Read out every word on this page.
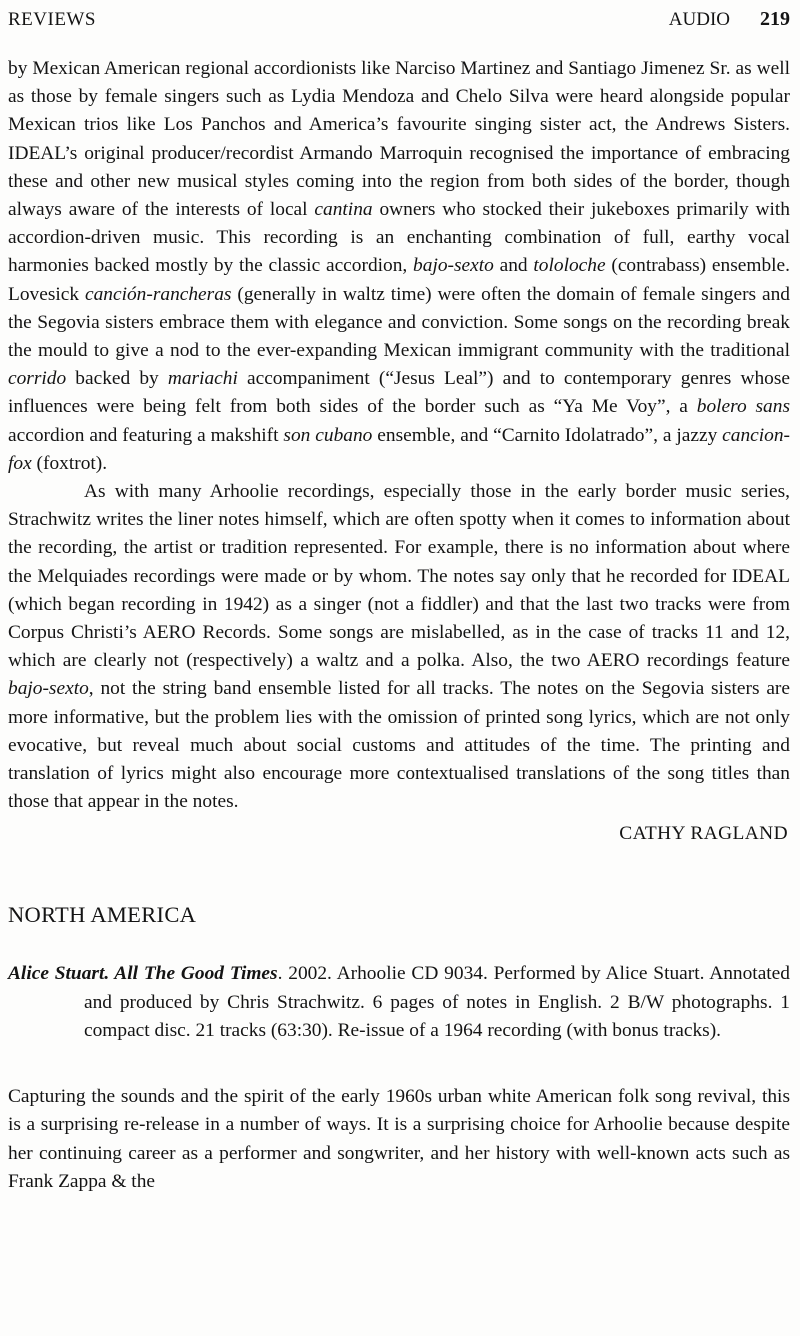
REVIEWS	AUDIO 219

by Mexican American regional accordionists like Narciso Martinez and Santiago Jimenez Sr. as well as those by female singers such as Lydia Mendoza and Chelo Silva were heard alongside popular Mexican trios like Los Panchos and America’s favourite singing sister act, the Andrews Sisters. IDEAL’s original producer/recordist Armando Marroquin recognised the importance of embracing these and other new musical styles coming into the region from both sides of the border, though always aware of the interests of local cantina owners who stocked their jukeboxes primarily with accordion-driven music. This recording is an enchanting combination of full, earthy vocal harmonies backed mostly by the classic accordion, bajo-sexto and tololoche (contrabass) ensemble. Lovesick canción-rancheras (generally in waltz time) were often the domain of female singers and the Segovia sisters embrace them with elegance and conviction. Some songs on the recording break the mould to give a nod to the ever-expanding Mexican immigrant community with the traditional corrido backed by mariachi accompaniment (“Jesus Leal”) and to contemporary genres whose influences were being felt from both sides of the border such as “Ya Me Voy”, a bolero sans accordion and featuring a makshift son cubano ensemble, and “Carnito Idolatrado”, a jazzy cancion-fox (foxtrot).

As with many Arhoolie recordings, especially those in the early border music series, Strachwitz writes the liner notes himself, which are often spotty when it comes to information about the recording, the artist or tradition represented. For example, there is no information about where the Melquiades recordings were made or by whom. The notes say only that he recorded for IDEAL (which began recording in 1942) as a singer (not a fiddler) and that the last two tracks were from Corpus Christi’s AERO Records. Some songs are mislabelled, as in the case of tracks 11 and 12, which are clearly not (respectively) a waltz and a polka. Also, the two AERO recordings feature bajo-sexto, not the string band ensemble listed for all tracks. The notes on the Segovia sisters are more informative, but the problem lies with the omission of printed song lyrics, which are not only evocative, but reveal much about social customs and attitudes of the time. The printing and translation of lyrics might also encourage more contextualised translations of the song titles than those that appear in the notes.

CATHY RAGLAND
NORTH AMERICA

Alice Stuart. All The Good Times. 2002. Arhoolie CD 9034. Performed by Alice Stuart. Annotated and produced by Chris Strachwitz. 6 pages of notes in English. 2 B/W photographs. 1 compact disc. 21 tracks (63:30). Re-issue of a 1964 recording (with bonus tracks).

Capturing the sounds and the spirit of the early 1960s urban white American folk song revival, this is a surprising re-release in a number of ways. It is a surprising choice for Arhoolie because despite her continuing career as a performer and songwriter, and her history with well-known acts such as Frank Zappa & the
